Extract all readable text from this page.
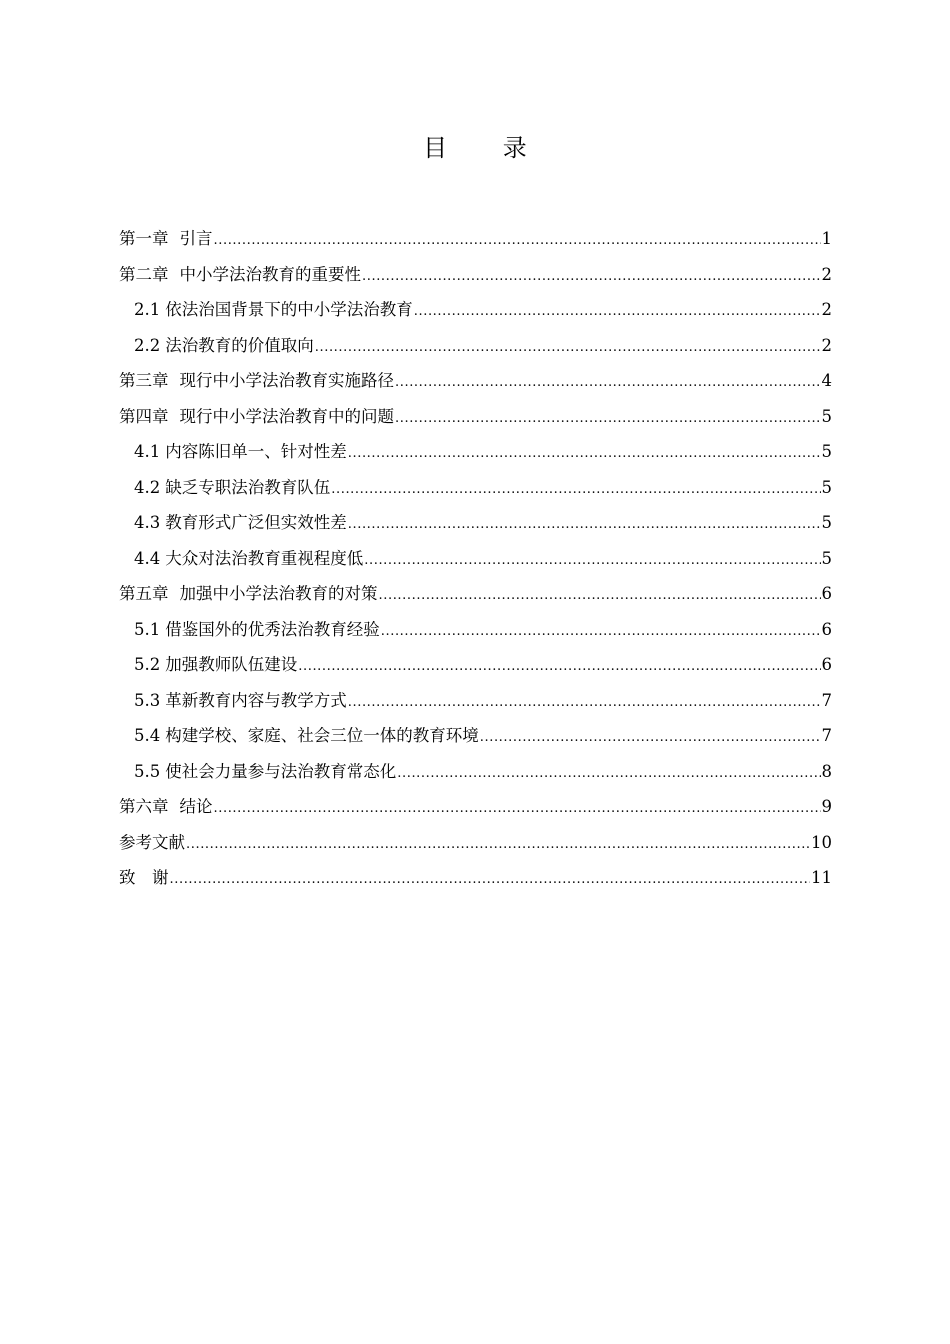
目 录
第一章 引言 .....	1
第二章 中小学法治教育的重要性 .....	2
2.1 依法治国背景下的中小学法治教育 .....	2
2.2 法治教育的价值取向 .....	2
第三章 现行中小学法治教育实施路径 .....	4
第四章 现行中小学法治教育中的问题 .....	5
4.1 内容陈旧单一、针对性差 .....	5
4.2 缺乏专职法治教育队伍 .....	5
4.3 教育形式广泛但实效性差 .....	5
4.4 大众对法治教育重视程度低 .....	5
第五章 加强中小学法治教育的对策 .....	6
5.1 借鉴国外的优秀法治教育经验 .....	6
5.2 加强教师队伍建设 .....	6
5.3 革新教育内容与教学方式 .....	7
5.4 构建学校、家庭、社会三位一体的教育环境 .....	7
5.5 使社会力量参与法治教育常态化 .....	8
第六章 结论 .....	9
参考文献 .....	10
致　谢 .....	11
